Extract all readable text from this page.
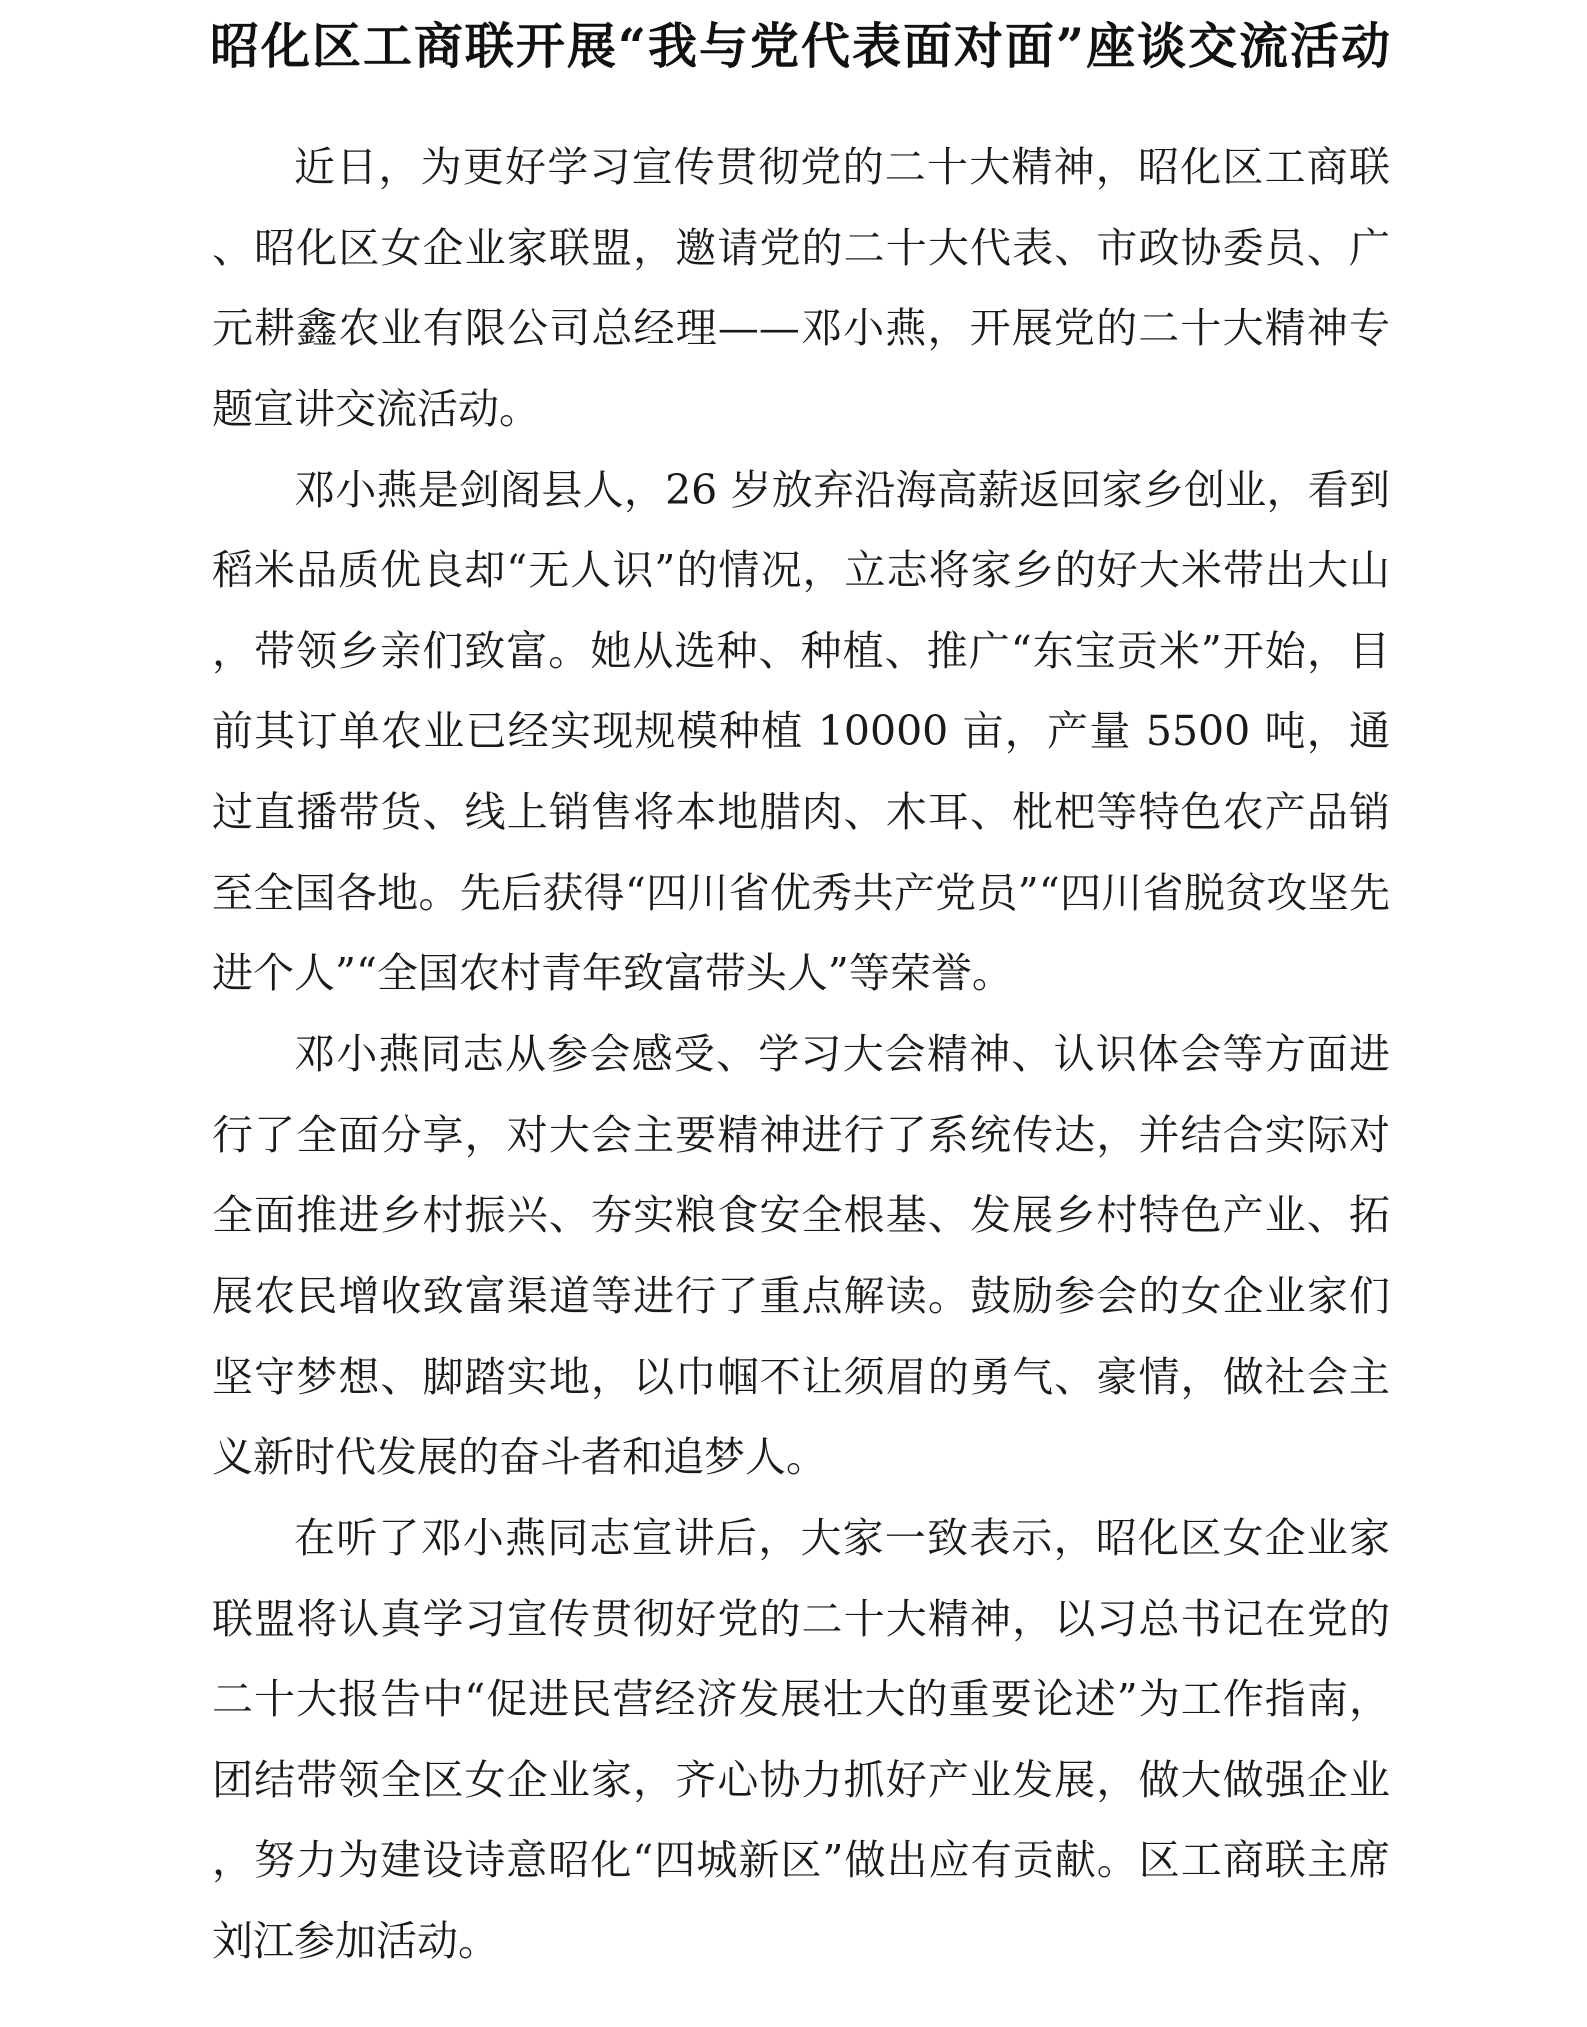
昭化区工商联开展“我与党代表面对面”座谈交流活动

近日，为更好学习宣传贯彻党的二十大精神，昭化区工商联、昭化区女企业家联盟，邀请党的二十大代表、市政协委员、广元耕鑫农业有限公司总经理——邓小燕，开展党的二十大精神专题宣讲交流活动。

邓小燕是剑阁县人，26 岁放弃沿海高薪返回家乡创业，看到稻米品质优良却“无人识”的情况，立志将家乡的好大米带出大山，带领乡亲们致富。她从选种、种植、推广“东宝贡米”开始，目前其订单农业已经实现规模种植 10000 亩，产量 5500 吨，通过直播带货、线上销售将本地腊肉、木耳、枇杷等特色农产品销至全国各地。先后获得“四川省优秀共产党员”“四川省脱贫攻坚先进个人”“全国农村青年致富带头人”等荣誉。

邓小燕同志从参会感受、学习大会精神、认识体会等方面进行了全面分享，对大会主要精神进行了系统传达，并结合实际对全面推进乡村振兴、夯实粮食安全根基、发展乡村特色产业、拓展农民增收致富渠道等进行了重点解读。鼓励参会的女企业家们坚守梦想、脚踏实地，以巾帼不让须眉的勇气、豪情，做社会主义新时代发展的奋斗者和追梦人。

在听了邓小燕同志宣讲后，大家一致表示，昭化区女企业家联盟将认真学习宣传贯彻好党的二十大精神，以习总书记在党的二十大报告中“促进民营经济发展壮大的重要论述”为工作指南，团结带领全区女企业家，齐心协力抓好产业发展，做大做强企业，努力为建设诗意昭化“四城新区”做出应有贡献。区工商联主席刘江参加活动。
